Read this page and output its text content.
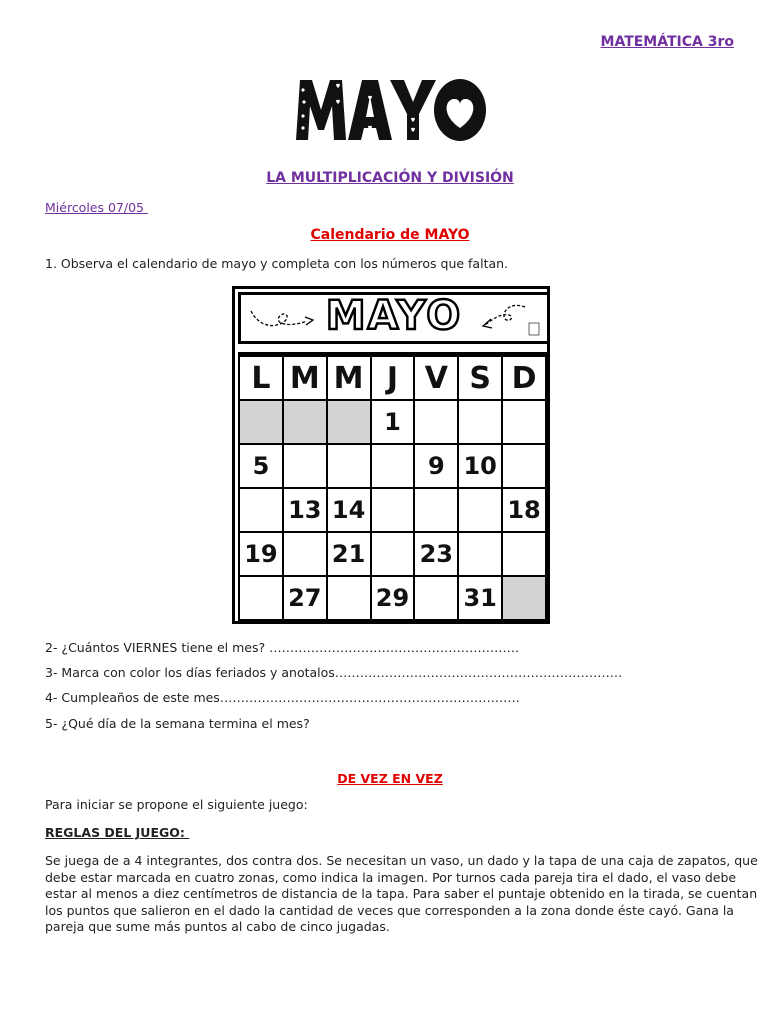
MATEMÁTICA 3ro
LA MULTIPLICACIÓN Y DIVISIÓN
Miércoles 07/05
Calendario de MAYO
1. Observa el calendario de mayo y completa con los números que faltan.
MAYO
L	M	M	J	V	S	D
			1			
5				9	10	
	13	14				18
19		21		23		
	27		29		31	
2- ¿Cuántos VIERNES tiene el mes? ……………………………………………………
3- Marca con color los días feriados y anotalos……………………………………………………………
4- Cumpleaños de este mes………………………………………………………………
5- ¿Qué día de la semana termina el mes?
DE VEZ EN VEZ
Para iniciar se propone el siguiente juego:
REGLAS DEL JUEGO:
Se juega de a 4 integrantes, dos contra dos. Se necesitan un vaso, un dado y la tapa de una caja de zapatos, que debe estar marcada en cuatro zonas, como indica la imagen. Por turnos cada pareja tira el dado, el vaso debe estar al menos a diez centímetros de distancia de la tapa. Para saber el puntaje obtenido en la tirada, se cuentan los puntos que salieron en el dado la cantidad de veces que corresponden a la zona donde éste cayó. Gana la pareja que sume más puntos al cabo de cinco jugadas.
